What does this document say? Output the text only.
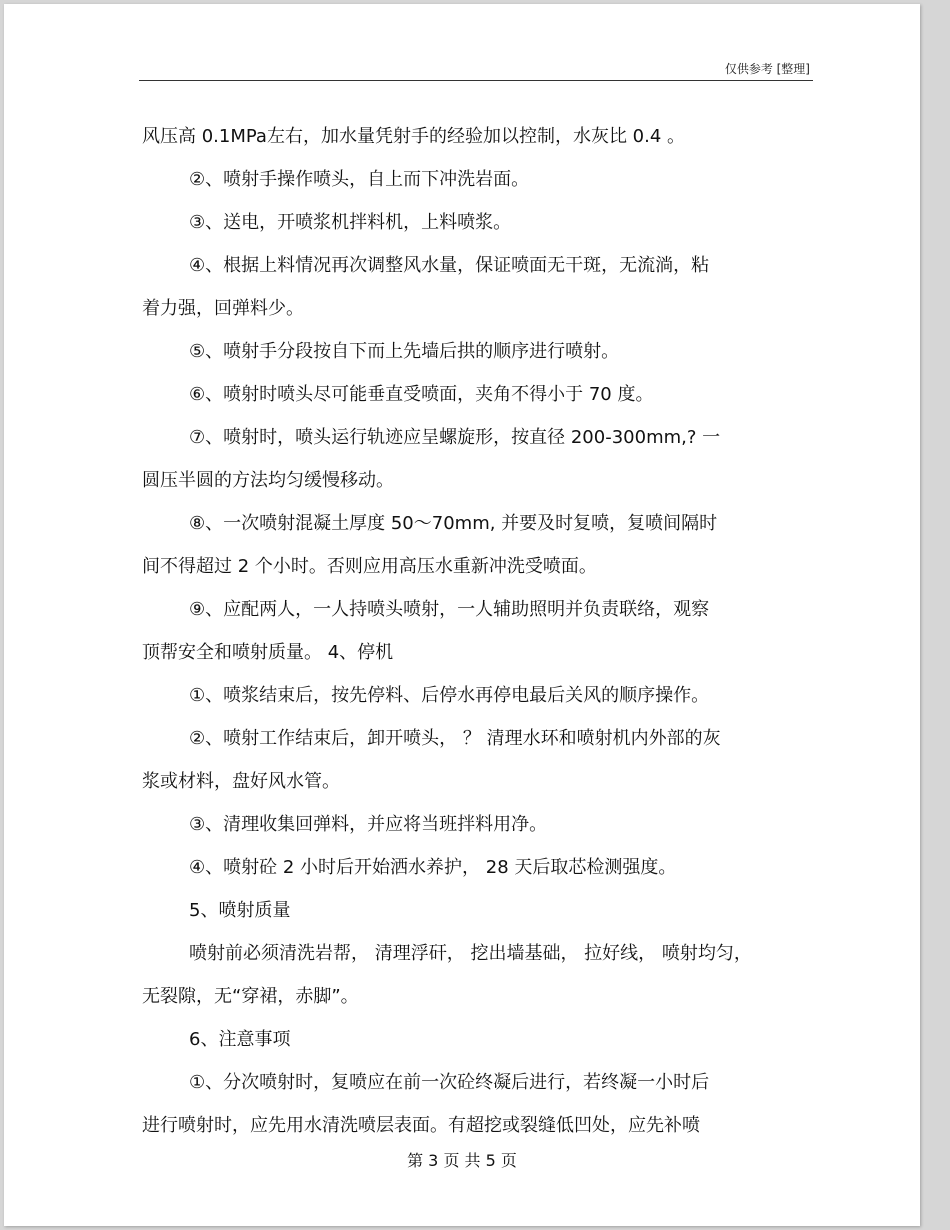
仅供参考 [整理]

风压高 0.1MPa左右，加水量凭射手的经验加以控制，水灰比 0.4 。

②、喷射手操作喷头，自上而下冲洗岩面。

③、送电，开喷浆机拌料机，上料喷浆。

④、根据上料情况再次调整风水量，保证喷面无干斑，无流淌，粘

着力强，回弹料少。

⑤、喷射手分段按自下而上先墙后拱的顺序进行喷射。

⑥、喷射时喷头尽可能垂直受喷面，夹角不得小于 70 度。

⑦、喷射时，喷头运行轨迹应呈螺旋形，按直径 200-300mm,? 一

圆压半圆的方法均匀缓慢移动。

⑧、一次喷射混凝土厚度 50～70mm, 并要及时复喷，复喷间隔时

间不得超过 2 个小时。否则应用高压水重新冲洗受喷面。

⑨、应配两人，一人持喷头喷射，一人辅助照明并负责联络，观察

顶帮安全和喷射质量。 4、停机

①、喷浆结束后，按先停料、后停水再停电最后关风的顺序操作。

②、喷射工作结束后，卸开喷头， ？ 清理水环和喷射机内外部的灰

浆或材料，盘好风水管。

③、清理收集回弹料，并应将当班拌料用净。

④、喷射砼 2 小时后开始洒水养护， 28 天后取芯检测强度。

5、喷射质量

喷射前必须清洗岩帮， 清理浮矸， 挖出墙基础， 拉好线， 喷射均匀，

无裂隙，无“穿裙，赤脚”。

6、注意事项

①、分次喷射时，复喷应在前一次砼终凝后进行，若终凝一小时后

进行喷射时，应先用水清洗喷层表面。有超挖或裂缝低凹处，应先补喷

第 3 页 共 5 页
